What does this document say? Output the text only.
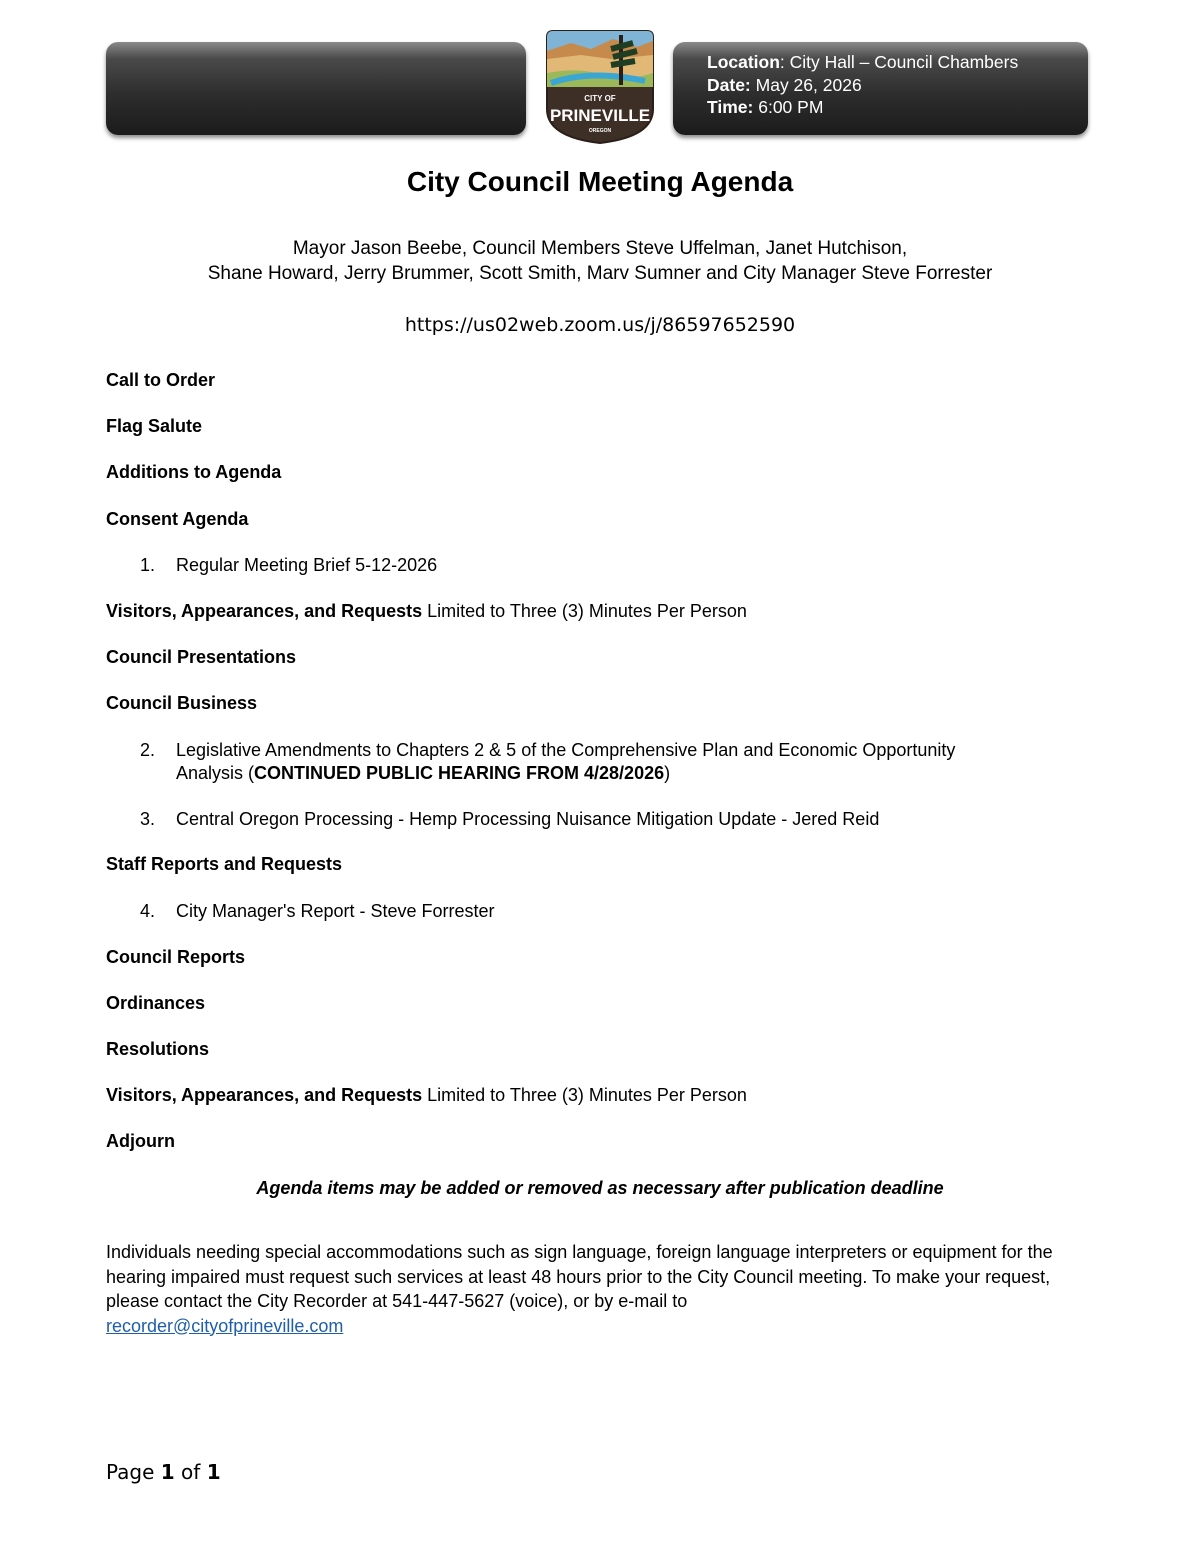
Location: City Hall – Council Chambers
Date: May 26, 2026
Time: 6:00 PM
CITY OF
PRINEVILLE
OREGON
City Council Meeting Agenda
Mayor Jason Beebe, Council Members Steve Uffelman, Janet Hutchison,
Shane Howard, Jerry Brummer, Scott Smith, Marv Sumner and City Manager Steve Forrester
https://us02web.zoom.us/j/86597652590
Call to Order
Flag Salute
Additions to Agenda
Consent Agenda
1. Regular Meeting Brief 5-12-2026
Visitors, Appearances, and Requests Limited to Three (3) Minutes Per Person
Council Presentations
Council Business
2. Legislative Amendments to Chapters 2 & 5 of the Comprehensive Plan and Economic Opportunity
Analysis (CONTINUED PUBLIC HEARING FROM 4/28/2026)
3. Central Oregon Processing - Hemp Processing Nuisance Mitigation Update - Jered Reid
Staff Reports and Requests
4. City Manager's Report - Steve Forrester
Council Reports
Ordinances
Resolutions
Visitors, Appearances, and Requests Limited to Three (3) Minutes Per Person
Adjourn
Agenda items may be added or removed as necessary after publication deadline
Individuals needing special accommodations such as sign language, foreign language interpreters or equipment for the hearing impaired must request such services at least 48 hours prior to the City Council meeting. To make your request, please contact the City Recorder at 541-447-5627 (voice), or by e-mail to
recorder@cityofprineville.com
Page 1 of 1
